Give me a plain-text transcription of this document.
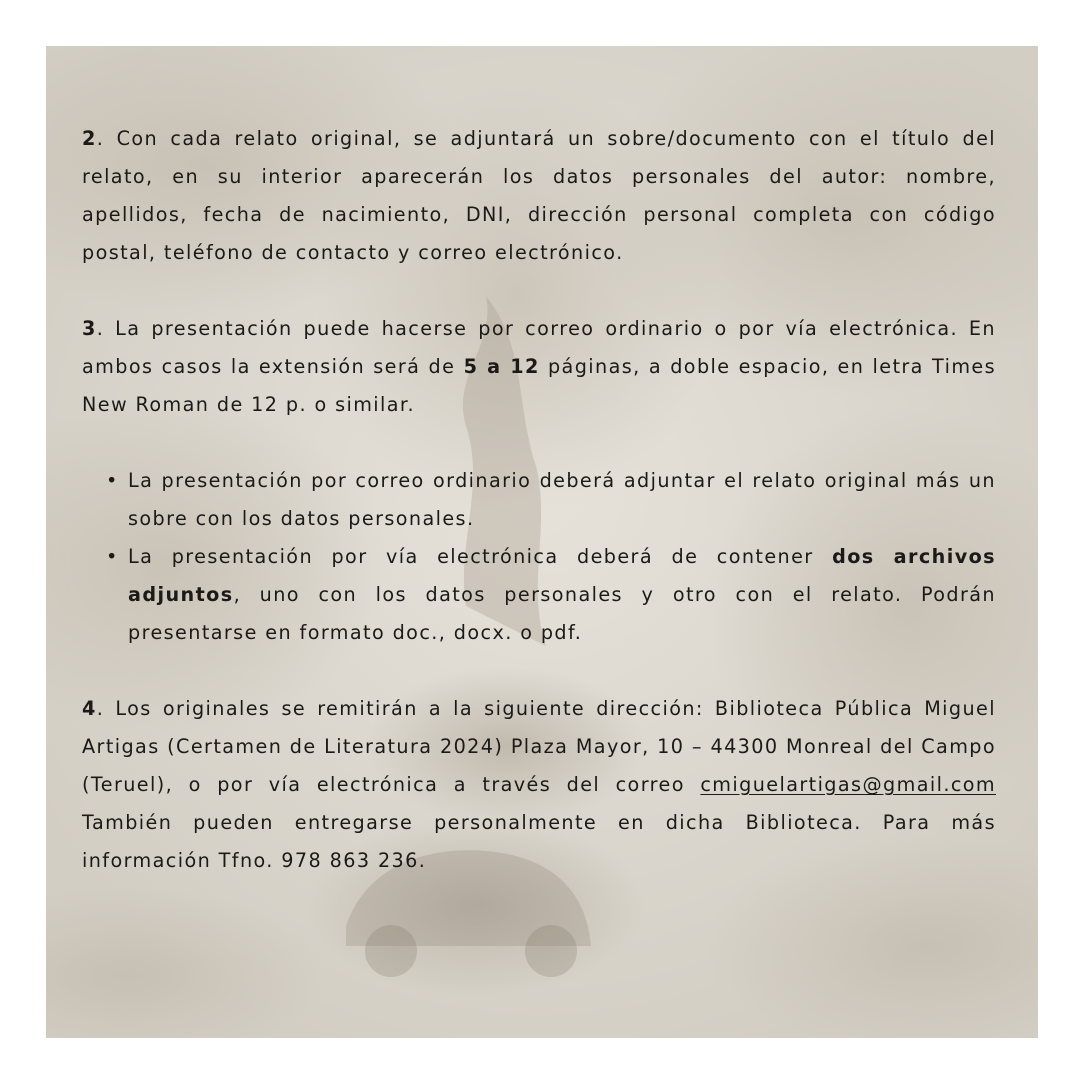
2. Con cada relato original, se adjuntará un sobre/documento con el título del relato, en su interior aparecerán los datos personales del autor: nombre, apellidos, fecha de nacimiento, DNI, dirección personal completa con código postal, teléfono de contacto y correo electrónico.

3. La presentación puede hacerse por correo ordinario o por vía electrónica. En ambos casos la extensión será de 5 a 12 páginas, a doble espacio, en letra Times New Roman de 12 p. o similar.

• La presentación por correo ordinario deberá adjuntar el relato original más un sobre con los datos personales.
• La presentación por vía electrónica deberá de contener dos archivos adjuntos, uno con los datos personales y otro con el relato. Podrán presentarse en formato doc., docx. o pdf.

4. Los originales se remitirán a la siguiente dirección: Biblioteca Pública Miguel Artigas (Certamen de Literatura 2024) Plaza Mayor, 10 – 44300 Monreal del Campo (Teruel), o por vía electrónica a través del correo cmiguelartigas@gmail.com También pueden entregarse personalmente en dicha Biblioteca. Para más información Tfno. 978 863 236.
